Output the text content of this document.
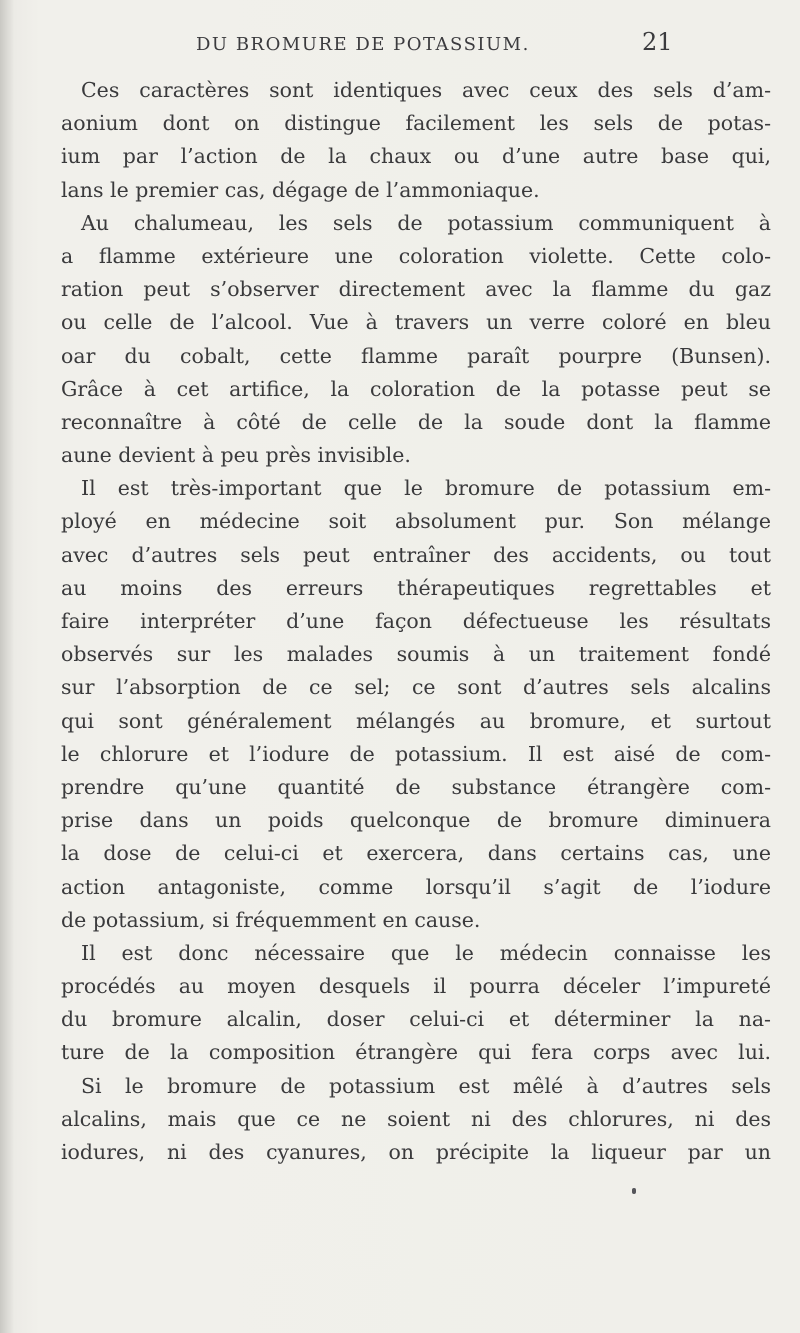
DU BROMURE DE POTASSIUM.	21
Ces caractères sont identiques avec ceux des sels d’am-
aonium dont on distingue facilement les sels de potas-
ium par l’action de la chaux ou d’une autre base qui,
lans le premier cas, dégage de l’ammoniaque.
Au chalumeau, les sels de potassium communiquent à
a flamme extérieure une coloration violette. Cette colo-
ration peut s’observer directement avec la flamme du gaz
ou celle de l’alcool. Vue à travers un verre coloré en bleu
oar du cobalt, cette flamme paraît pourpre (Bunsen).
Grâce à cet artifice, la coloration de la potasse peut se
reconnaître à côté de celle de la soude dont la flamme
aune devient à peu près invisible.
Il est très-important que le bromure de potassium em-
ployé en médecine soit absolument pur. Son mélange
avec d’autres sels peut entraîner des accidents, ou tout
au moins des erreurs thérapeutiques regrettables et
faire interpréter d’une façon défectueuse les résultats
observés sur les malades soumis à un traitement fondé
sur l’absorption de ce sel; ce sont d’autres sels alcalins
qui sont généralement mélangés au bromure, et surtout
le chlorure et l’iodure de potassium. Il est aisé de com-
prendre qu’une quantité de substance étrangère com-
prise dans un poids quelconque de bromure diminuera
la dose de celui-ci et exercera, dans certains cas, une
action antagoniste, comme lorsqu’il s’agit de l’iodure
de potassium, si fréquemment en cause.
Il est donc nécessaire que le médecin connaisse les
procédés au moyen desquels il pourra déceler l’impureté
du bromure alcalin, doser celui-ci et déterminer la na-
ture de la composition étrangère qui fera corps avec lui.
Si le bromure de potassium est mêlé à d’autres sels
alcalins, mais que ce ne soient ni des chlorures, ni des
iodures, ni des cyanures, on précipite la liqueur par un
